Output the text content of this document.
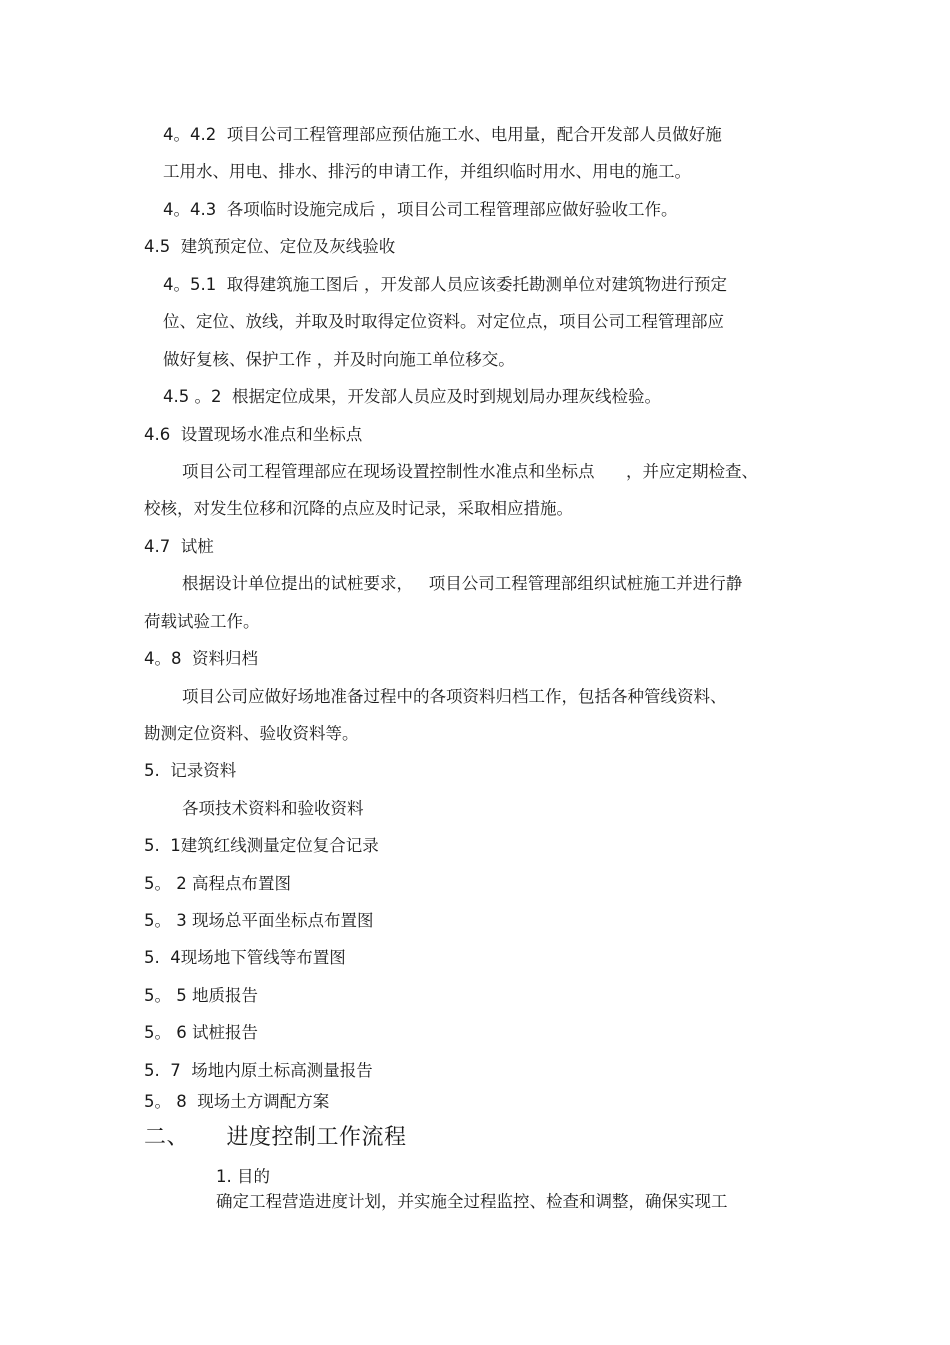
4。4.2  项目公司工程管理部应预估施工水、电用量，配合开发部人员做好施
工用水、用电、排水、排污的申请工作，并组织临时用水、用电的施工。
4。4.3  各项临时设施完成后 ，项目公司工程管理部应做好验收工作。
4.5  建筑预定位、定位及灰线验收
4。5.1  取得建筑施工图后 ，开发部人员应该委托勘测单位对建筑物进行预定
位、定位、放线，并取及时取得定位资料。对定位点，项目公司工程管理部应
做好复核、保护工作 ，并及时向施工单位移交。
4.5 。2  根据定位成果，开发部人员应及时到规划局办理灰线检验。
4.6  设置现场水准点和坐标点
项目公司工程管理部应在现场设置控制性水准点和坐标点      ，并应定期检查、
校核，对发生位移和沉降的点应及时记录，采取相应措施。
4.7  试桩
根据设计单位提出的试桩要求，   项目公司工程管理部组织试桩施工并进行静
荷载试验工作。
4。8  资料归档
项目公司应做好场地准备过程中的各项资料归档工作，包括各种管线资料、
勘测定位资料、验收资料等。
5.  记录资料
各项技术资料和验收资料
5.  1建筑红线测量定位复合记录
5。 2 高程点布置图
5。 3 现场总平面坐标点布置图
5.  4现场地下管线等布置图
5。 5 地质报告
5。 6 试桩报告
5.  7  场地内原土标高测量报告
5。 8  现场土方调配方案
二、     进度控制工作流程
1. 目的
确定工程营造进度计划，并实施全过程监控、检查和调整，确保实现工
